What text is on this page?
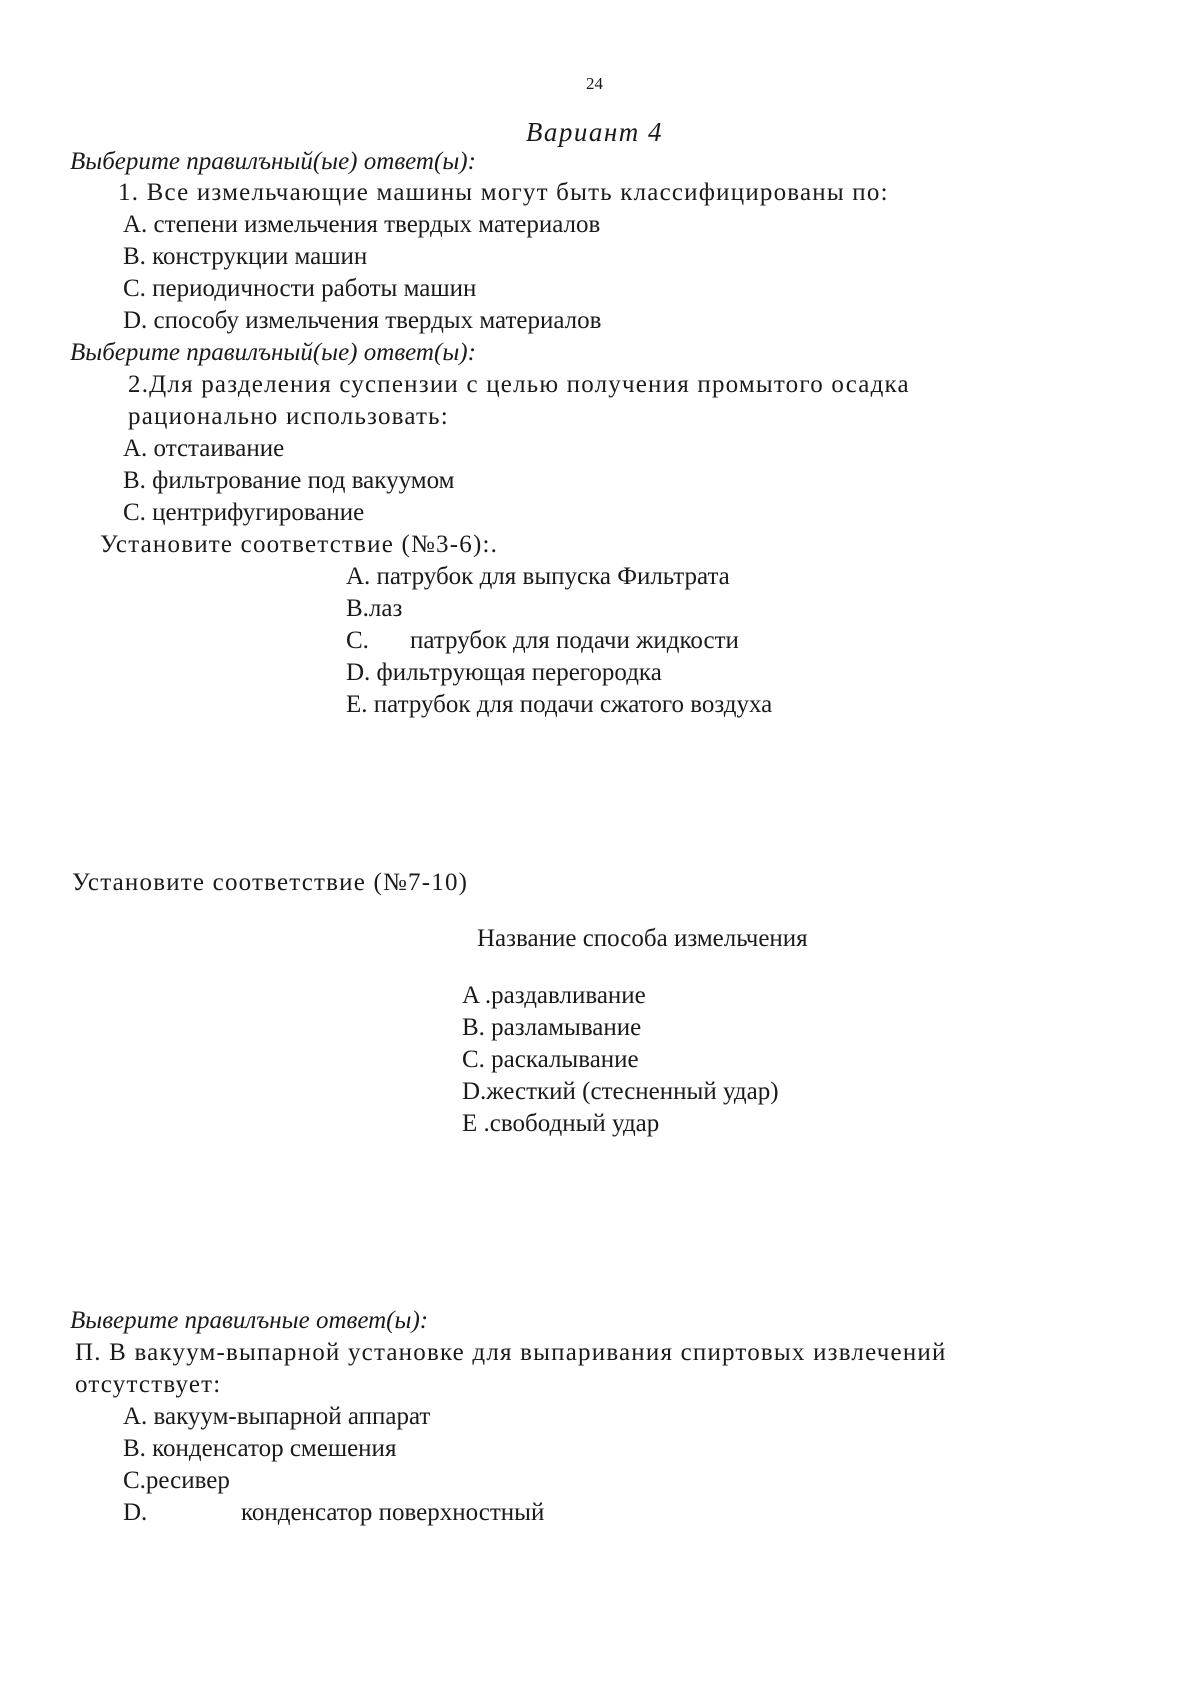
24
Вариант 4
Выберите правилъный(ые) ответ(ы):
1. Все измельчающие машины могут быть классифицированы по:
A. степени измельчения твердых материалов
B. конструкции машин
C. периодичности работы машин
D. способу измельчения твердых материалов
Выберите правилъный(ые) ответ(ы):
2.Для разделения суспензии с целью получения промытого осадка
рационально использовать:
A. отстаивание
B. фильтрование под вакуумом
C. центрифугирование
Установите соответствие (№3-6):.
A. патрубок для выпуска Фильтрата
B.лаз
C. патрубок для подачи жидкости
D. фильтрующая перегородка
E. патрубок для подачи сжатого воздуха
Установите соответствие (№7-10)
Название способа измельчения
A .раздавливание
B. разламывание
C. раскалывание
D.жесткий (стесненный удар)
E .свободный удар
Выверите правилъные ответ(ы):
П. В вакуум-выпарной установке для выпаривания спиртовых извлечений
отсутствует:
A. вакуум-выпарной аппарат
B. конденсатор смешения
C.ресивер
D.	конденсатор поверхностный
